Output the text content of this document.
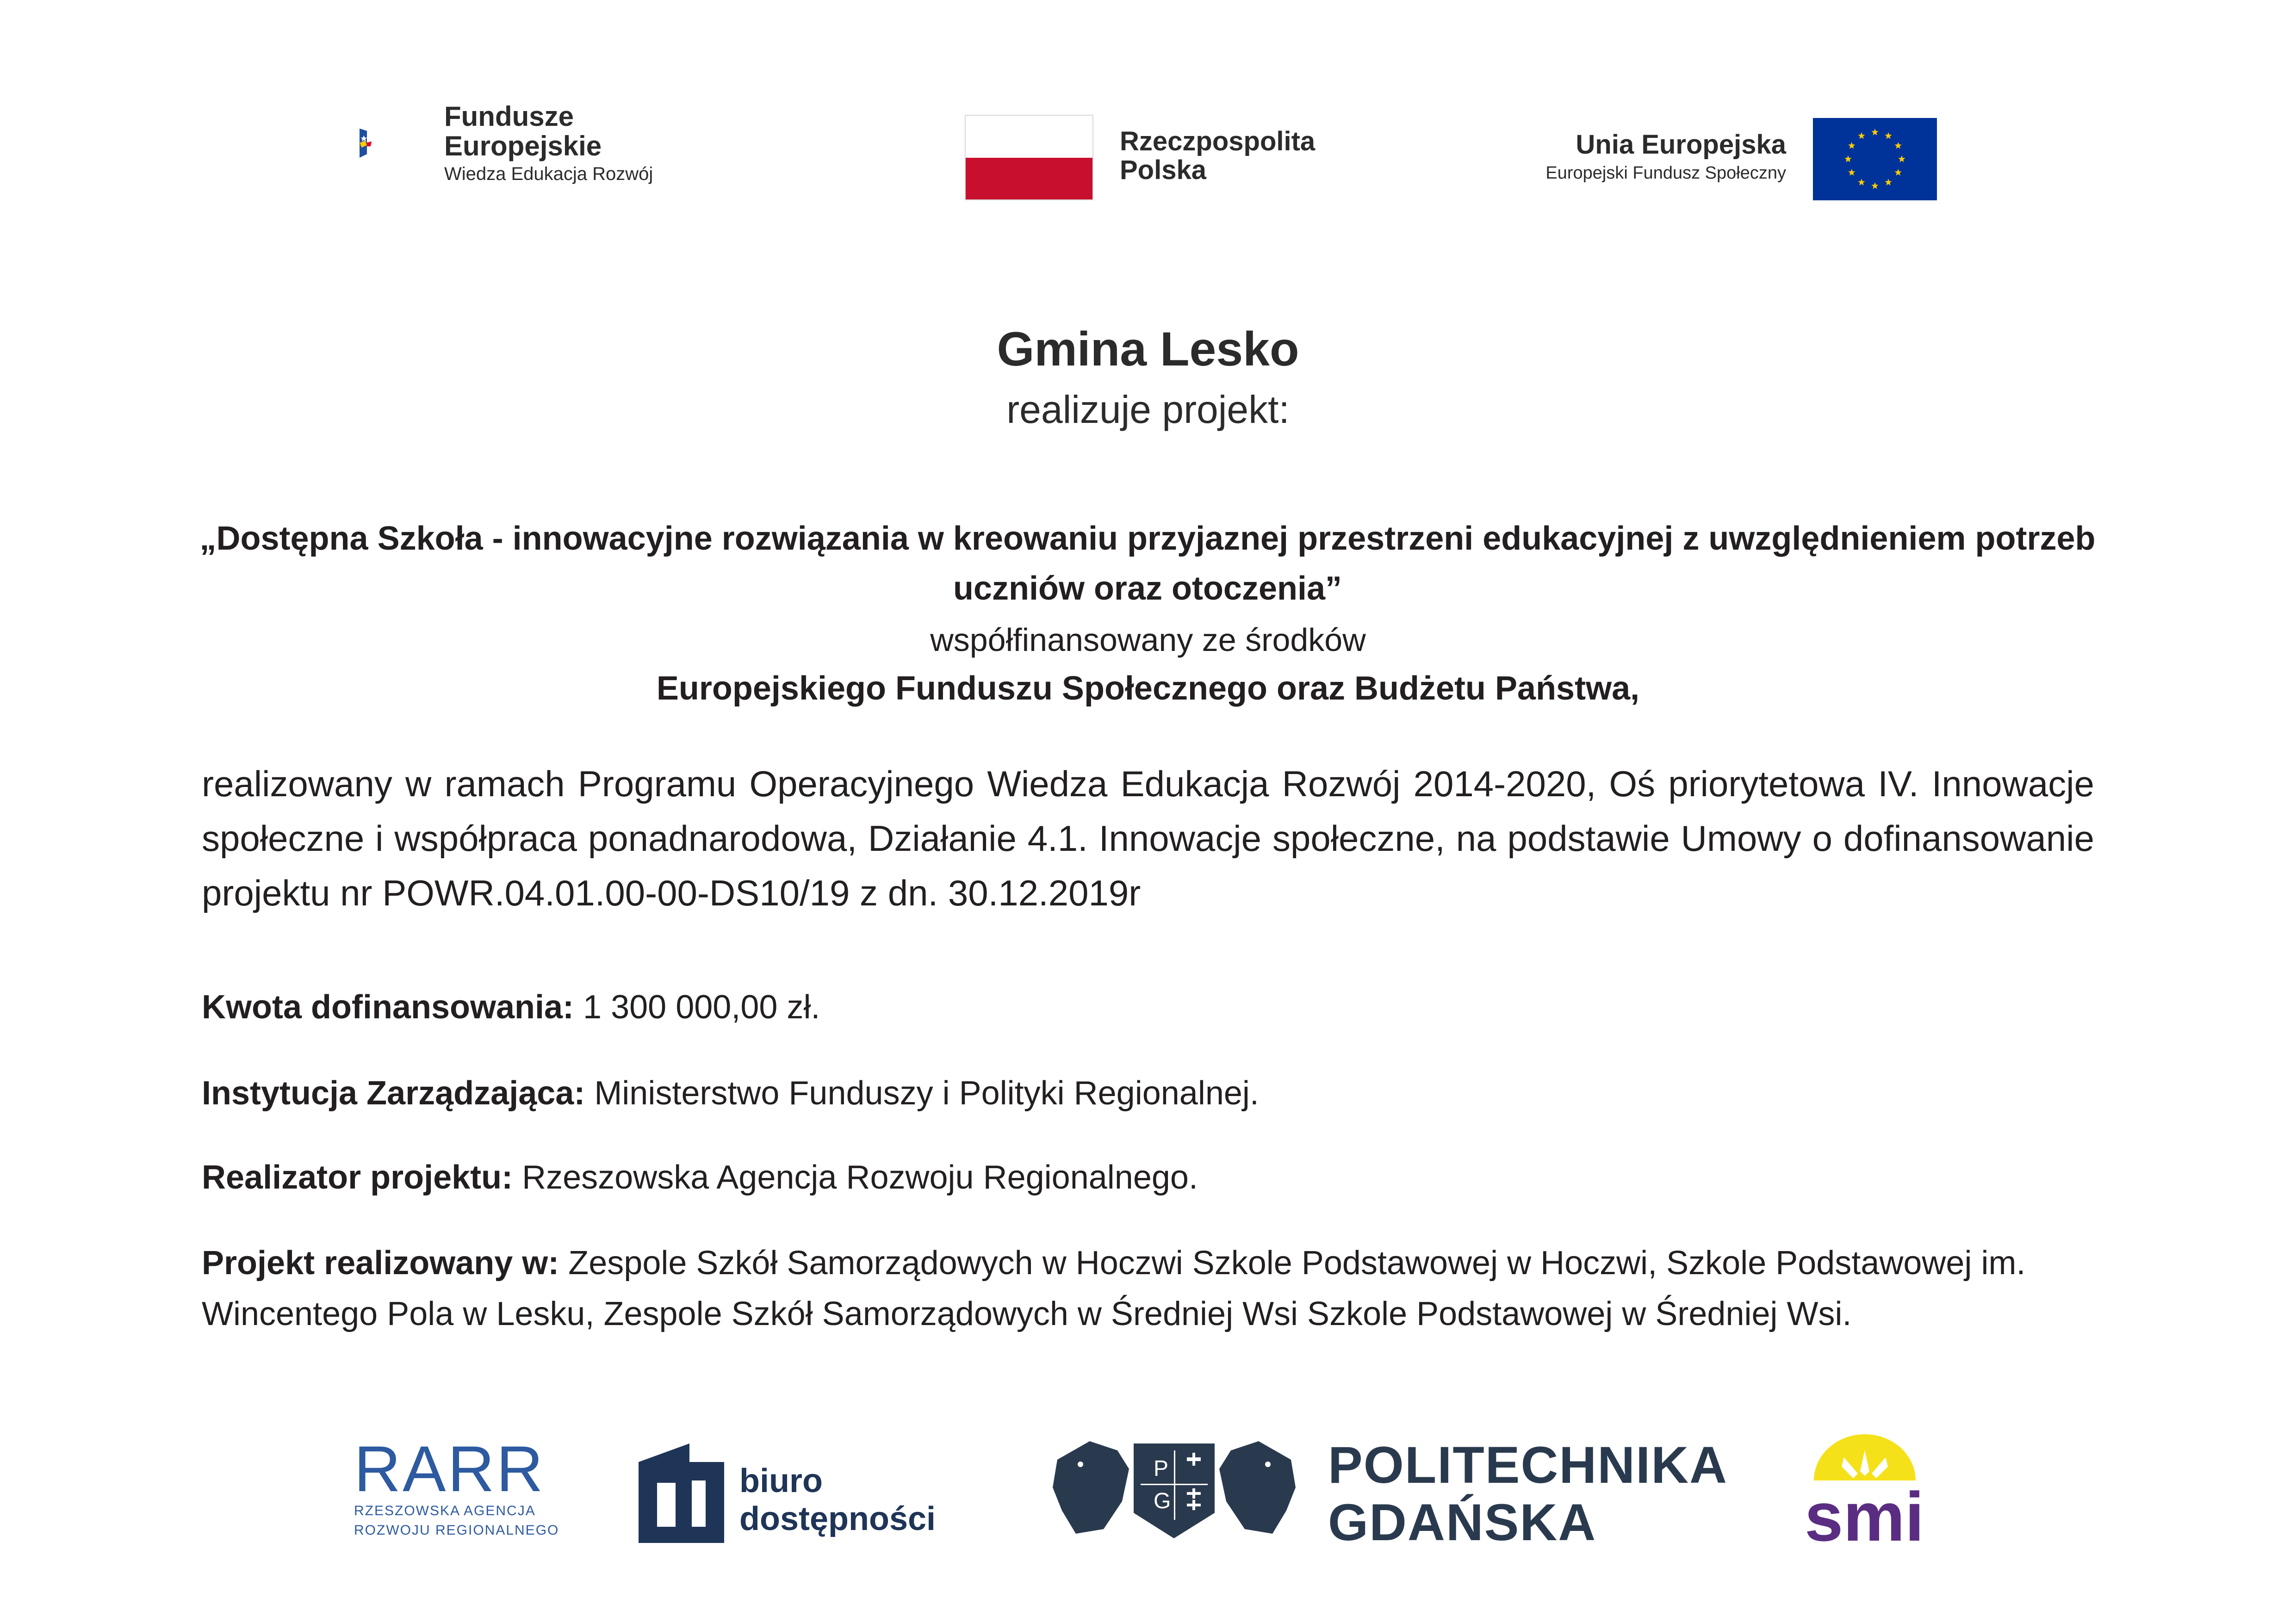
Fundusze
Europejskie
Wiedza Edukacja Rozwój
Rzeczpospolita
Polska
Unia Europejska
Europejski Fundusz Społeczny
Gmina Lesko
realizuje projekt:
„Dostępna Szkoła - innowacyjne rozwiązania w kreowaniu przyjaznej przestrzeni edukacyjnej z uwzględnieniem potrzeb uczniów oraz otoczenia”
współfinansowany ze środków
Europejskiego Funduszu Społecznego oraz Budżetu Państwa,
realizowany w ramach Programu Operacyjnego Wiedza Edukacja Rozwój 2014-2020, Oś priorytetowa IV. Innowacje społeczne i współpraca ponadnarodowa, Działanie 4.1. Innowacje społeczne, na podstawie Umowy o dofinansowanie projektu nr POWR.04.01.00-00-DS10/19 z dn. 30.12.2019r
Kwota dofinansowania: 1 300 000,00 zł.
Instytucja Zarządzająca: Ministerstwo Funduszy i Polityki Regionalnej.
Realizator projektu: Rzeszowska Agencja Rozwoju Regionalnego.
Projekt realizowany w: Zespole Szkół Samorządowych w Hoczwi Szkole Podstawowej w Hoczwi, Szkole Podstawowej im. Wincentego Pola w Lesku, Zespole Szkół Samorządowych w Średniej Wsi Szkole Podstawowej w Średniej Wsi.
RARR
RZESZOWSKA AGENCJA
ROZWOJU REGIONALNEGO
biuro
dostępności
P
G
POLITECHNIKA
GDAŃSKA	smi
